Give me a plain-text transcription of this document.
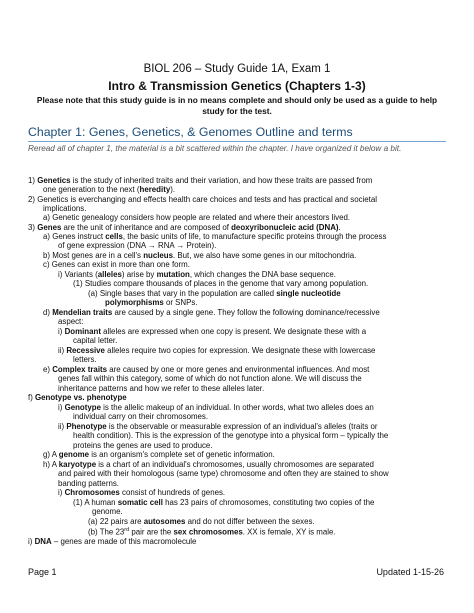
BIOL 206 – Study Guide 1A, Exam 1
Intro & Transmission Genetics (Chapters 1-3)
Please note that this study guide is in no means complete and should only be used as a guide to help study for the test.
Chapter 1: Genes, Genetics, & Genomes Outline and terms
Reread all of chapter 1, the material is a bit scattered within the chapter. I have organized it below a bit.
1) Genetics is the study of inherited traits and their variation, and how these traits are passed from
one generation to the next (heredity).
2) Genetics is everchanging and effects health care choices and tests and has practical and societal
implications.
a) Genetic genealogy considers how people are related and where their ancestors lived.
3) Genes are the unit of inheritance and are composed of deoxyribonucleic acid (DNA).
a) Genes instruct cells, the basic units of life, to manufacture specific proteins through the process
of gene expression (DNA → RNA → Protein).
b) Most genes are in a cell's nucleus. But, we also have some genes in our mitochondria.
c) Genes can exist in more than one form.
i) Variants (alleles) arise by mutation, which changes the DNA base sequence.
(1) Studies compare thousands of places in the genome that vary among population.
(a) Single bases that vary in the population are called single nucleotide
polymorphisms or SNPs.
d) Mendelian traits are caused by a single gene. They follow the following dominance/recessive
aspect:
i) Dominant alleles are expressed when one copy is present. We designate these with a
capital letter.
ii) Recessive alleles require two copies for expression. We designate these with lowercase
letters.
e) Complex traits are caused by one or more genes and environmental influences. And most
genes fall within this category, some of which do not function alone. We will discuss the
inheritance patterns and how we refer to these alleles later.
f) Genotype vs. phenotype
i) Genotype is the allelic makeup of an individual. In other words, what two alleles does an
individual carry on their chromosomes.
ii) Phenotype is the observable or measurable expression of an individual's alleles (traits or
health condition). This is the expression of the genotype into a physical form – typically the
proteins the genes are used to produce.
g) A genome is an organism's complete set of genetic information.
h) A karyotype is a chart of an individual's chromosomes, usually chromosomes are separated
and paired with their homologous (same type) chromosome and often they are stained to show
banding patterns.
i) Chromosomes consist of hundreds of genes.
(1) A human somatic cell has 23 pairs of chromosomes, constituting two copies of the
genome.
(a) 22 pairs are autosomes and do not differ between the sexes.
(b) The 23rd pair are the sex chromosomes. XX is female, XY is male.
i) DNA – genes are made of this macromolecule
Page 1	Updated 1-15-26
